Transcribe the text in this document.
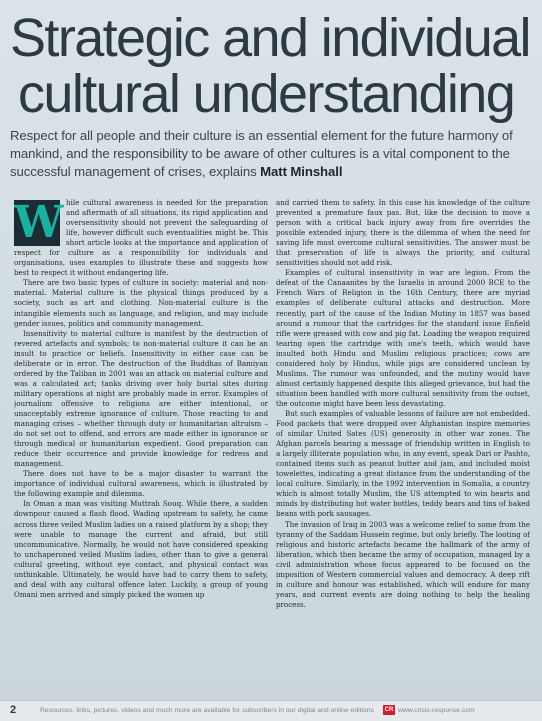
Strategic and individual
cultural understanding

Respect for all people and their culture is an essential element for the future harmony of mankind, and the responsibility to be aware of other cultures is a vital component to the successful management of crises, explains Matt Minshall

W hile cultural awareness is needed for the preparation and aftermath of all situations, its rigid application and oversensitivity should not prevent the safeguarding of life, however difficult such eventualities might be. This short article looks at the importance and application of respect for culture as a responsibility for individuals and organisations, uses examples to illustrate these and suggests how best to respect it without endangering life.

There are two basic types of culture in society: material and non-material. Material culture is the physical things produced by a society, such as art and clothing. Non-material culture is the intangible elements such as language, and religion, and may include gender issues, politics and community management.

Insensitivity to material culture is manifest by the destruction of revered artefacts and symbols; to non-material culture it can be an insult to practice or beliefs. Insensitivity in either case can be deliberate or in error. The destruction of the Buddhas of Bamiyan ordered by the Taliban in 2001 was an attack on material culture and was a calculated act; tanks driving over holy burial sites during military operations at night are probably made in error. Examples of journalism offensive to religions are either intentional, or unacceptably extreme ignorance of culture. Those reacting to and managing crises – whether through duty or humanitarian altruism – do not set out to offend, and errors are made either in ignorance or through medical or humanitarian expedient. Good preparation can reduce their occurrence and provide knowledge for redress and management.

There does not have to be a major disaster to warrant the importance of individual cultural awareness, which is illustrated by the following example and dilemma.

In Oman a man was visiting Muttrah Souq. While there, a sudden downpour caused a flash flood. Wading upstream to safety, he came across three veiled Muslim ladies on a raised platform by a shop; they were unable to manage the current and afraid, but still uncommunicative. Normally, he would not have considered speaking to unchaperoned veiled Muslim ladies, other than to give a general cultural greeting, without eye contact, and physical contact was unthinkable. Ultimately, he would have had to carry them to safety, and deal with any cultural offence later. Luckily, a group of young Omani men arrived and simply picked the women up

and carried them to safety. In this case his knowledge of the culture prevented a premature faux pas. But, like the decision to move a person with a critical back injury away from fire overrides the possible extended injury, there is the dilemma of when the need for saving life must overcome cultural sensitivities. The answer must be that preservation of life is always the priority, and cultural sensitivities should not add risk.

Examples of cultural insensitivity in war are legion. From the defeat of the Canaanites by the Israelis in around 2000 BCE to the French Wars of Religion in the 16th Century, there are myriad examples of deliberate cultural attacks and destruction. More recently, part of the cause of the Indian Mutiny in 1857 was based around a rumour that the cartridges for the standard issue Enfield rifle were greased with cow and pig fat. Loading the weapon required tearing open the cartridge with one's teeth, which would have insulted both Hindu and Muslim religious practices; cows are considered holy by Hindus, while pigs are considered unclean by Muslims. The rumour was unfounded, and the mutiny would have almost certainly happened despite this alleged grievance, but had the situation been handled with more cultural sensitivity from the outset, the outcome might have been less devastating.

But such examples of valuable lessons of failure are not embedded. Food packets that were dropped over Afghanistan inspire memories of similar United Sates (US) generosity in other war zones. The Afghan parcels bearing a message of friendship written in English to a largely illiterate population who, in any event, speak Dari or Pashto, contained items such as peanut butter and jam, and included moist towelettes, indicating a great distance from the understanding of the local culture. Similarly, in the 1992 intervention in Somalia, a country which is almost totally Muslim, the US attempted to win hearts and minds by distributing hot water bottles, teddy bears and tins of baked beans with pork sausages.

The invasion of Iraq in 2003 was a welcome relief to some from the tyranny of the Saddam Hussein regime, but only briefly. The looting of religious and historic artefacts became the hallmark of the army of liberation, which then became the army of occupation, managed by a civil administration whose focus appeared to be focused on the imposition of Western commercial values and democracy. A deep rift in culture and honour was established, which will endure for many years, and current events are doing nothing to help the healing process.

2	Resources, links, pictures, videos and much more are available for subscribers in our digital and online editions CR www.crisis-response.com
